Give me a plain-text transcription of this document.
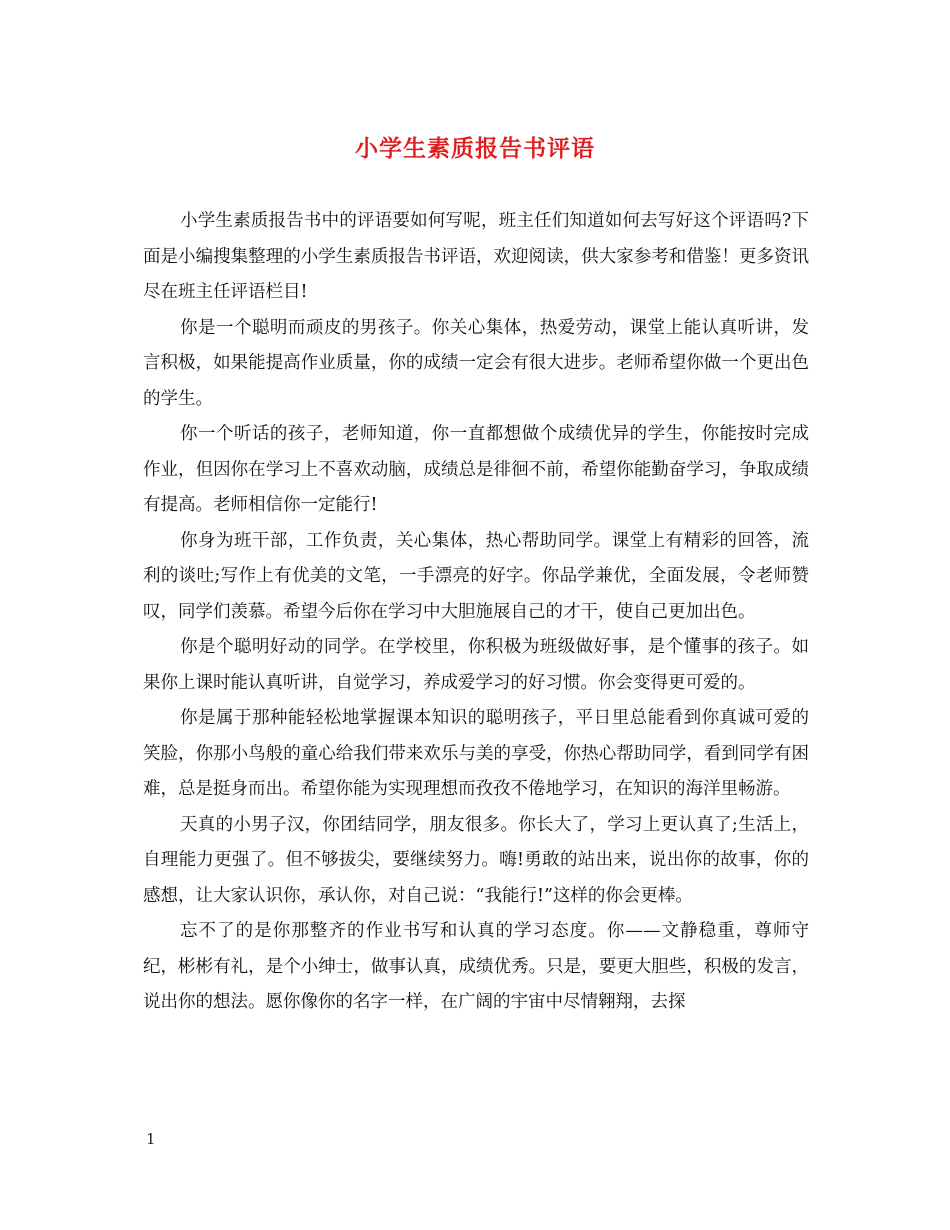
小学生素质报告书评语

小学生素质报告书中的评语要如何写呢，班主任们知道如何去写好这个评语吗?下面是小编搜集整理的小学生素质报告书评语，欢迎阅读，供大家参考和借鉴！更多资讯尽在班主任评语栏目!

你是一个聪明而顽皮的男孩子。你关心集体，热爱劳动，课堂上能认真听讲，发言积极，如果能提高作业质量，你的成绩一定会有很大进步。老师希望你做一个更出色的学生。

你一个听话的孩子，老师知道，你一直都想做个成绩优异的学生，你能按时完成作业，但因你在学习上不喜欢动脑，成绩总是徘徊不前，希望你能勤奋学习，争取成绩有提高。老师相信你一定能行!

你身为班干部，工作负责，关心集体，热心帮助同学。课堂上有精彩的回答，流利的谈吐;写作上有优美的文笔，一手漂亮的好字。你品学兼优，全面发展，令老师赞叹，同学们羡慕。希望今后你在学习中大胆施展自己的才干，使自己更加出色。

你是个聪明好动的同学。在学校里，你积极为班级做好事，是个懂事的孩子。如果你上课时能认真听讲，自觉学习，养成爱学习的好习惯。你会变得更可爱的。

你是属于那种能轻松地掌握课本知识的聪明孩子，平日里总能看到你真诚可爱的笑脸，你那小鸟般的童心给我们带来欢乐与美的享受，你热心帮助同学，看到同学有困难，总是挺身而出。希望你能为实现理想而孜孜不倦地学习，在知识的海洋里畅游。

天真的小男子汉，你团结同学，朋友很多。你长大了，学习上更认真了;生活上，自理能力更强了。但不够拔尖，要继续努力。嗨!勇敢的站出来，说出你的故事，你的感想，让大家认识你，承认你，对自己说：“我能行!”这样的你会更棒。

忘不了的是你那整齐的作业书写和认真的学习态度。你——文静稳重，尊师守纪，彬彬有礼，是个小绅士，做事认真，成绩优秀。只是，要更大胆些，积极的发言，说出你的想法。愿你像你的名字一样，在广阔的宇宙中尽情翱翔，去探

1
